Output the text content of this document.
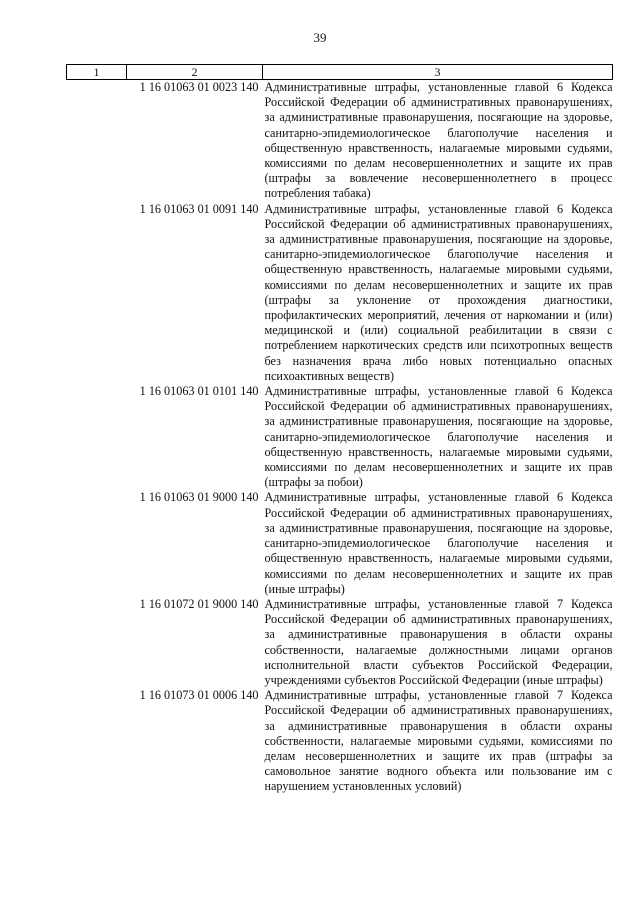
39
1	2	3
	1 16 01063 01 0023 140	Административные штрафы, установленные главой 6 Кодекса Российской Федерации об административных правонарушениях, за административные правонарушения, посягающие на здоровье, санитарно-эпидемиологическое благополучие населения и общественную нравственность, налагаемые мировыми судьями, комиссиями по делам несовершеннолетних и защите их прав (штрафы за вовлечение несовершеннолетнего в процесс потребления табака)
	1 16 01063 01 0091 140	Административные штрафы, установленные главой 6 Кодекса Российской Федерации об административных правонарушениях, за административные правонарушения, посягающие на здоровье, санитарно-эпидемиологическое благополучие населения и общественную нравственность, налагаемые мировыми судьями, комиссиями по делам несовершеннолетних и защите их прав (штрафы за уклонение от прохождения диагностики, профилактических мероприятий, лечения от наркомании и (или) медицинской и (или) социальной реабилитации в связи с потреблением наркотических средств или психотропных веществ без назначения врача либо новых потенциально опасных психоактивных веществ)
	1 16 01063 01 0101 140	Административные штрафы, установленные главой 6 Кодекса Российской Федерации об административных правонарушениях, за административные правонарушения, посягающие на здоровье, санитарно-эпидемиологическое благополучие населения и общественную нравственность, налагаемые мировыми судьями, комиссиями по делам несовершеннолетних и защите их прав (штрафы за побои)
	1 16 01063 01 9000 140	Административные штрафы, установленные главой 6 Кодекса Российской Федерации об административных правонарушениях, за административные правонарушения, посягающие на здоровье, санитарно-эпидемиологическое благополучие населения и общественную нравственность, налагаемые мировыми судьями, комиссиями по делам несовершеннолетних и защите их прав (иные штрафы)
	1 16 01072 01 9000 140	Административные штрафы, установленные главой 7 Кодекса Российской Федерации об административных правонарушениях, за административные правонарушения в области охраны собственности, налагаемые должностными лицами органов исполнительной власти субъектов Российской Федерации, учреждениями субъектов Российской Федерации (иные штрафы)
	1 16 01073 01 0006 140	Административные штрафы, установленные главой 7 Кодекса Российской Федерации об административных правонарушениях, за административные правонарушения в области охраны собственности, налагаемые мировыми судьями, комиссиями по делам несовершеннолетних и защите их прав (штрафы за самовольное занятие водного объекта или пользование им с нарушением установленных условий)
